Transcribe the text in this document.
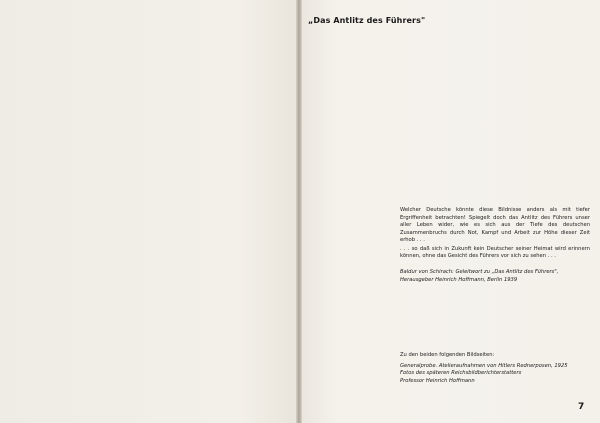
„Das Antlitz des Führers"

Welcher Deutsche könnte diese Bildnisse anders als mit tiefer Ergriffenheit betrachten! Spiegelt doch das Antlitz des Führers unser aller Leben wider, wie es sich aus der Tiefe des deutschen Zusammenbruchs durch Not, Kampf und Arbeit zur Höhe dieser Zeit erhob . . .

. . . so daß sich in Zukunft kein Deutscher seiner Heimat wird erinnern können, ohne das Gesicht des Führers vor sich zu sehen . . .

Baldur von Schirach: Geleitwort zu „Das Antlitz des Führers",
Herausgeber Heinrich Hoffmann, Berlin 1939
Zu den beiden folgenden Bildseiten:
Generalprobe. Atelieraufnahmen von Hitlers Rednerposen, 1925
Fotos des späteren Reichsbildberichterstatters
Professor Heinrich Hoffmann
7
